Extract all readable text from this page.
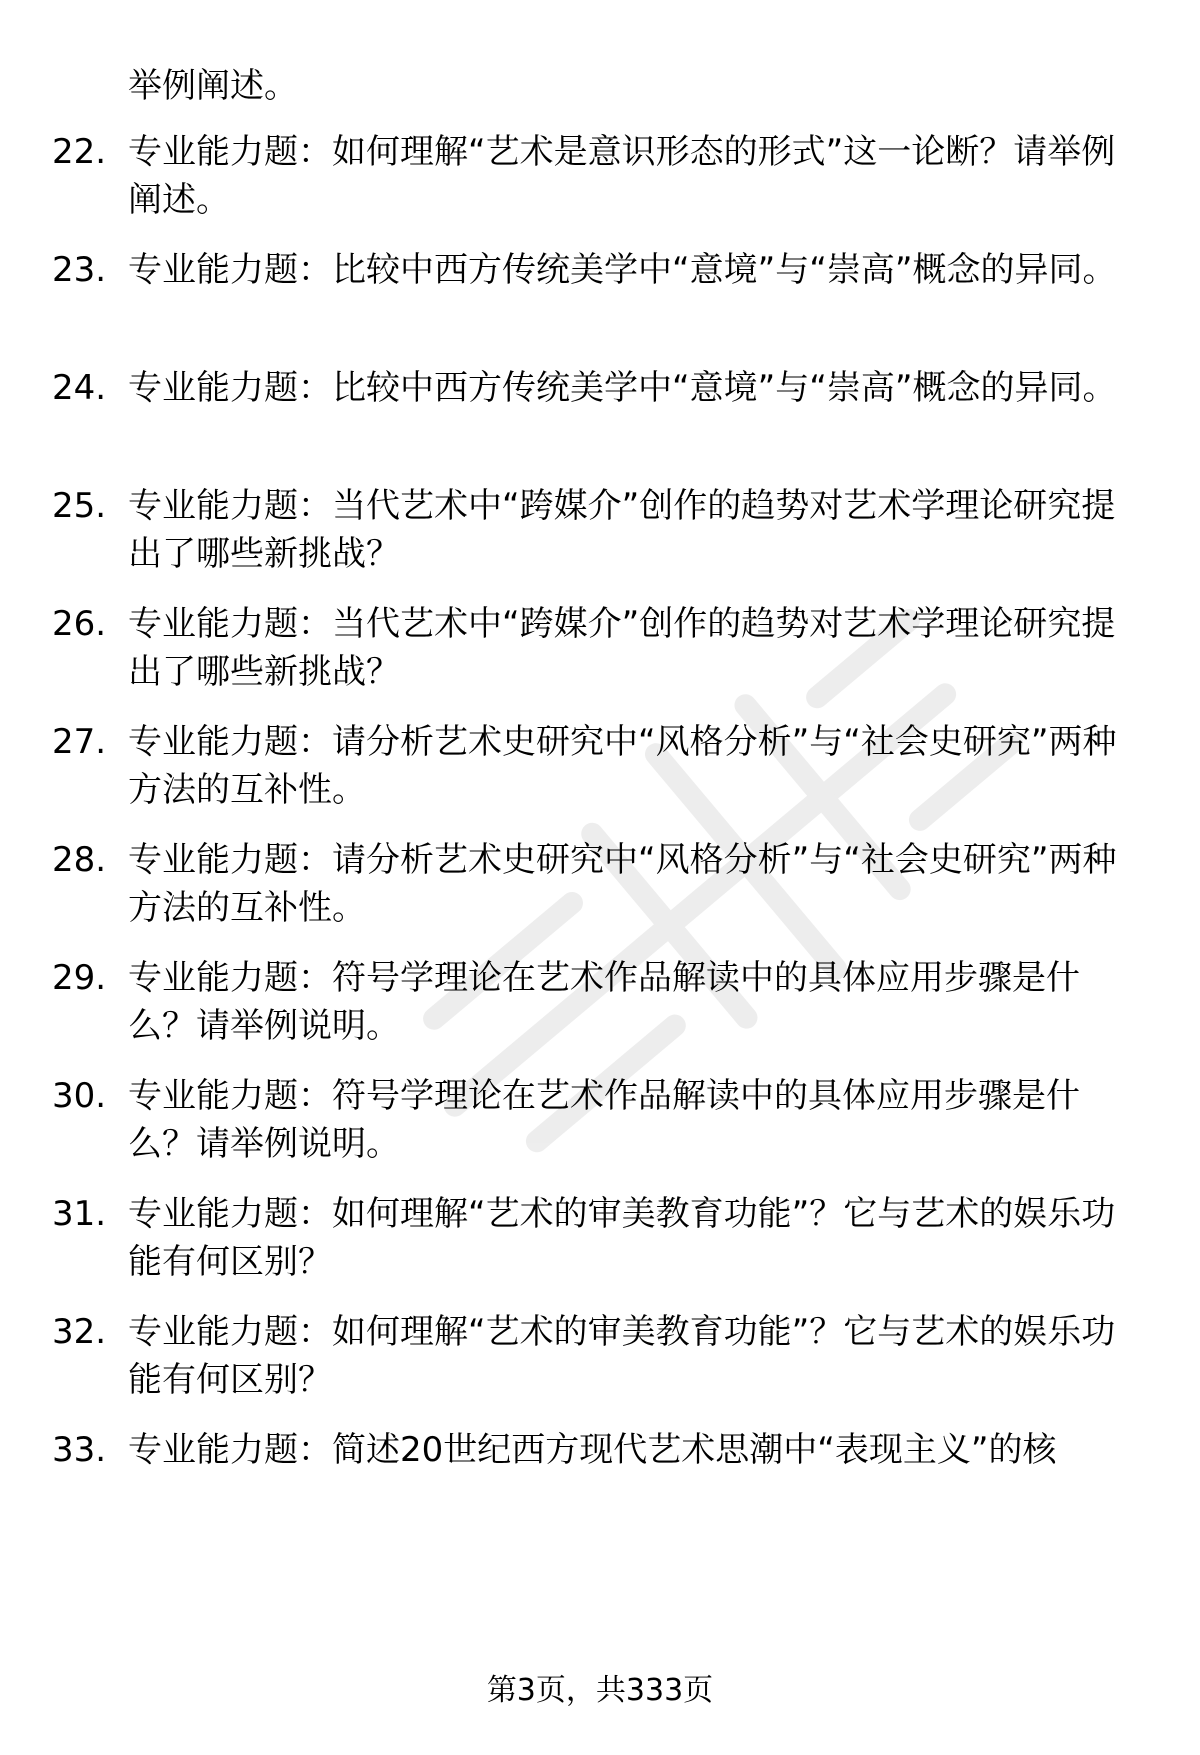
举例阐述。
22. 专业能力题：如何理解“艺术是意识形态的形式”这一论断？请举例阐述。
23. 专业能力题：比较中西方传统美学中“意境”与“崇高”概念的异同。
24. 专业能力题：比较中西方传统美学中“意境”与“崇高”概念的异同。
25. 专业能力题：当代艺术中“跨媒介”创作的趋势对艺术学理论研究提出了哪些新挑战？
26. 专业能力题：当代艺术中“跨媒介”创作的趋势对艺术学理论研究提出了哪些新挑战？
27. 专业能力题：请分析艺术史研究中“风格分析”与“社会史研究”两种方法的互补性。
28. 专业能力题：请分析艺术史研究中“风格分析”与“社会史研究”两种方法的互补性。
29. 专业能力题：符号学理论在艺术作品解读中的具体应用步骤是什么？请举例说明。
30. 专业能力题：符号学理论在艺术作品解读中的具体应用步骤是什么？请举例说明。
31. 专业能力题：如何理解“艺术的审美教育功能”？它与艺术的娱乐功能有何区别？
32. 专业能力题：如何理解“艺术的审美教育功能”？它与艺术的娱乐功能有何区别？
33. 专业能力题：简述20世纪西方现代艺术思潮中“表现主义”的核
第3页，共333页
